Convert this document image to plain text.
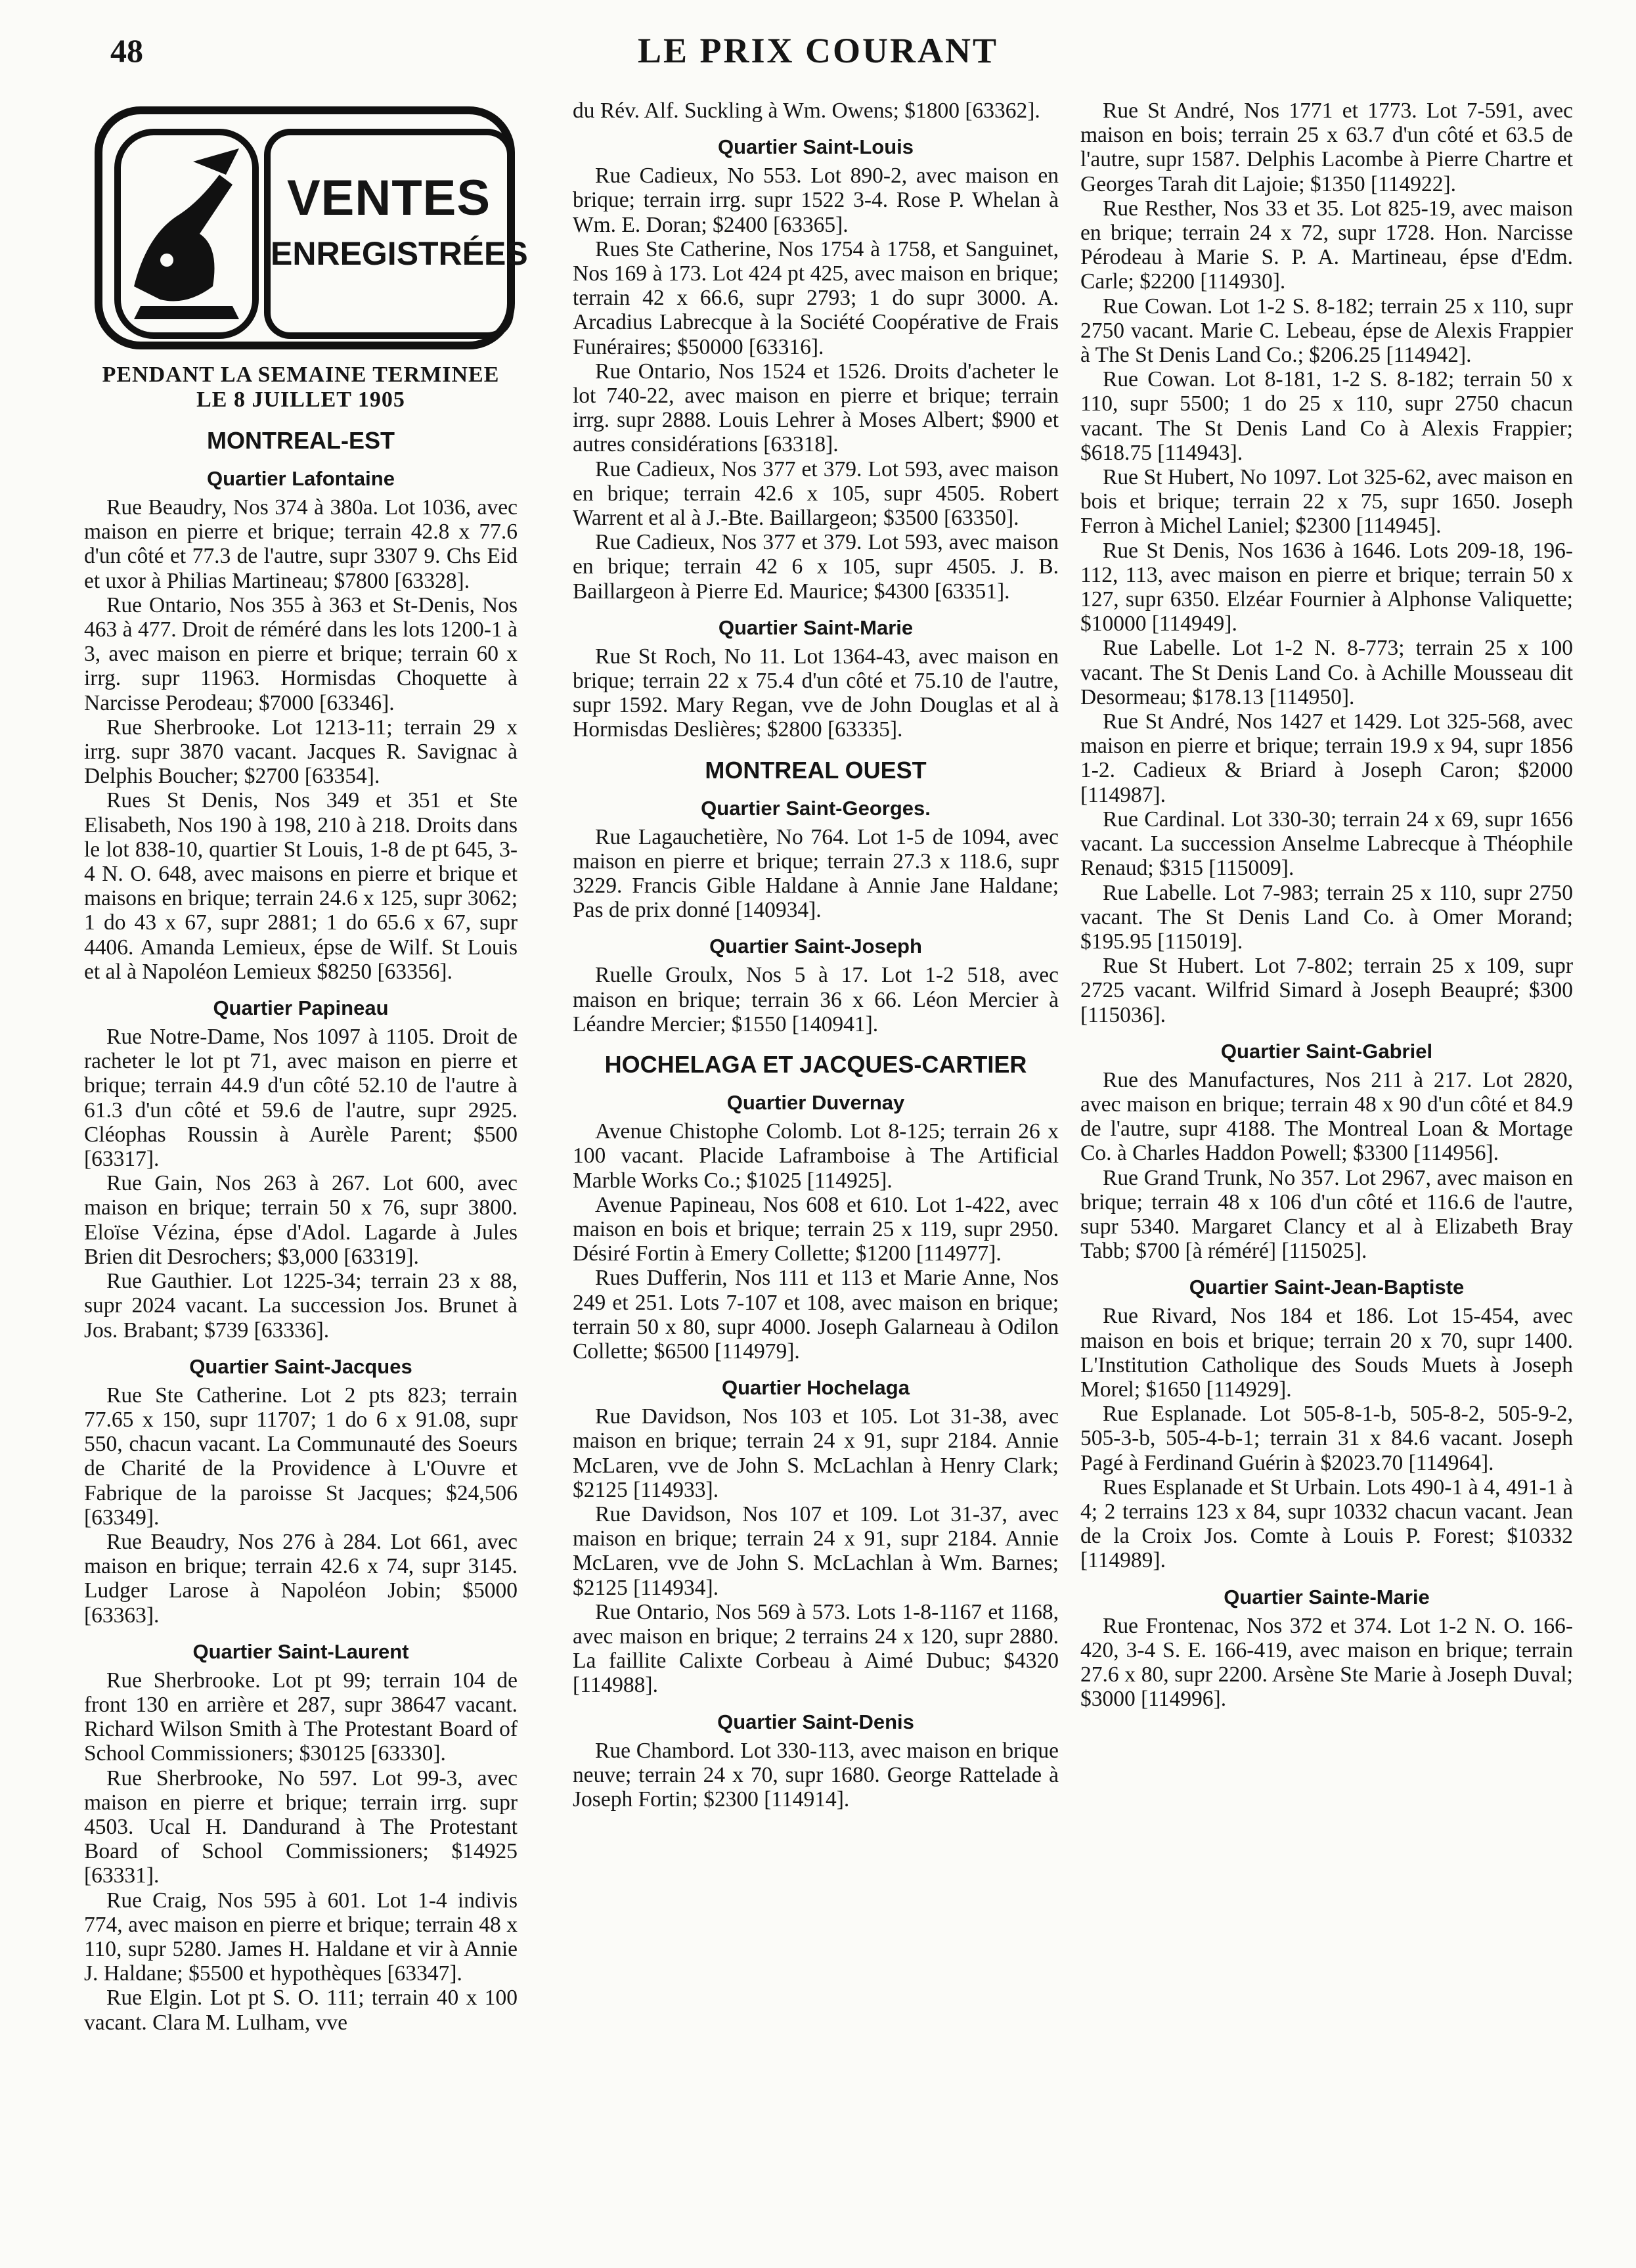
48	LE PRIX COURANT
VENTES
ENREGISTRÉES
PENDANT LA SEMAINE TERMINEE
LE 8 JUILLET 1905
MONTREAL-EST
Quartier Lafontaine
Rue Beaudry, Nos 374 à 380a. Lot 1036, avec maison en pierre et brique; terrain 42.8 x 77.6 d'un côté et 77.3 de l'autre, supr 3307 9. Chs Eid et uxor à Philias Martineau; $7800 [63328].
Rue Ontario, Nos 355 à 363 et St-Denis, Nos 463 à 477. Droit de réméré dans les lots 1200-1 à 3, avec maison en pierre et brique; terrain 60 x irrg. supr 11963. Hormisdas Choquette à Narcisse Perodeau; $7000 [63346].
Rue Sherbrooke. Lot 1213-11; terrain 29 x irrg. supr 3870 vacant. Jacques R. Savignac à Delphis Boucher; $2700 [63354].
Rues St Denis, Nos 349 et 351 et Ste Elisabeth, Nos 190 à 198, 210 à 218. Droits dans le lot 838-10, quartier St Louis, 1-8 de pt 645, 3-4 N. O. 648, avec maisons en pierre et brique et maisons en brique; terrain 24.6 x 125, supr 3062; 1 do 43 x 67, supr 2881; 1 do 65.6 x 67, supr 4406. Amanda Lemieux, épse de Wilf. St Louis et al à Napoléon Lemieux $8250 [63356].
Quartier Papineau
Rue Notre-Dame, Nos 1097 à 1105. Droit de racheter le lot pt 71, avec maison en pierre et brique; terrain 44.9 d'un côté 52.10 de l'autre à 61.3 d'un côté et 59.6 de l'autre, supr 2925. Cléophas Roussin à Aurèle Parent; $500 [63317].
Rue Gain, Nos 263 à 267. Lot 600, avec maison en brique; terrain 50 x 76, supr 3800. Eloïse Vézina, épse d'Adol. Lagarde à Jules Brien dit Desrochers; $3,000 [63319].
Rue Gauthier. Lot 1225-34; terrain 23 x 88, supr 2024 vacant. La succession Jos. Brunet à Jos. Brabant; $739 [63336].
Quartier Saint-Jacques
Rue Ste Catherine. Lot 2 pts 823; terrain 77.65 x 150, supr 11707; 1 do 6 x 91.08, supr 550, chacun vacant. La Communauté des Soeurs de Charité de la Providence à L'Ouvre et Fabrique de la paroisse St Jacques; $24,506 [63349].
Rue Beaudry, Nos 276 à 284. Lot 661, avec maison en brique; terrain 42.6 x 74, supr 3145. Ludger Larose à Napoléon Jobin; $5000 [63363].
Quartier Saint-Laurent
Rue Sherbrooke. Lot pt 99; terrain 104 de front 130 en arrière et 287, supr 38647 vacant. Richard Wilson Smith à The Protestant Board of School Commissioners; $30125 [63330].
Rue Sherbrooke, No 597. Lot 99-3, avec maison en pierre et brique; terrain irrg. supr 4503. Ucal H. Dandurand à The Protestant Board of School Commissioners; $14925 [63331].
Rue Craig, Nos 595 à 601. Lot 1-4 indivis 774, avec maison en pierre et brique; terrain 48 x 110, supr 5280. James H. Haldane et vir à Annie J. Haldane; $5500 et hypothèques [63347].
Rue Elgin. Lot pt S. O. 111; terrain 40 x 100 vacant. Clara M. Lulham, vve
du Rév. Alf. Suckling à Wm. Owens; $1800 [63362].
Quartier Saint-Louis
Rue Cadieux, No 553. Lot 890-2, avec maison en brique; terrain irrg. supr 1522 3-4. Rose P. Whelan à Wm. E. Doran; $2400 [63365].
Rues Ste Catherine, Nos 1754 à 1758, et Sanguinet, Nos 169 à 173. Lot 424 pt 425, avec maison en brique; terrain 42 x 66.6, supr 2793; 1 do supr 3000. A. Arcadius Labrecque à la Société Coopérative de Frais Funéraires; $50000 [63316].
Rue Ontario, Nos 1524 et 1526. Droits d'acheter le lot 740-22, avec maison en pierre et brique; terrain irrg. supr 2888. Louis Lehrer à Moses Albert; $900 et autres considérations [63318].
Rue Cadieux, Nos 377 et 379. Lot 593, avec maison en brique; terrain 42.6 x 105, supr 4505. Robert Warrent et al à J.-Bte. Baillargeon; $3500 [63350].
Rue Cadieux, Nos 377 et 379. Lot 593, avec maison en brique; terrain 42 6 x 105, supr 4505. J. B. Baillargeon à Pierre Ed. Maurice; $4300 [63351].
Quartier Saint-Marie
Rue St Roch, No 11. Lot 1364-43, avec maison en brique; terrain 22 x 75.4 d'un côté et 75.10 de l'autre, supr 1592. Mary Regan, vve de John Douglas et al à Hormisdas Deslières; $2800 [63335].
MONTREAL OUEST
Quartier Saint-Georges.
Rue Lagauchetière, No 764. Lot 1-5 de 1094, avec maison en pierre et brique; terrain 27.3 x 118.6, supr 3229. Francis Gible Haldane à Annie Jane Haldane; Pas de prix donné [140934].
Quartier Saint-Joseph
Ruelle Groulx, Nos 5 à 17. Lot 1-2 518, avec maison en brique; terrain 36 x 66. Léon Mercier à Léandre Mercier; $1550 [140941].
HOCHELAGA ET JACQUES-CARTIER
Quartier Duvernay
Avenue Chistophe Colomb. Lot 8-125; terrain 26 x 100 vacant. Placide Laframboise à The Artificial Marble Works Co.; $1025 [114925].
Avenue Papineau, Nos 608 et 610. Lot 1-422, avec maison en bois et brique; terrain 25 x 119, supr 2950. Désiré Fortin à Emery Collette; $1200 [114977].
Rues Dufferin, Nos 111 et 113 et Marie Anne, Nos 249 et 251. Lots 7-107 et 108, avec maison en brique; terrain 50 x 80, supr 4000. Joseph Galarneau à Odilon Collette; $6500 [114979].
Quartier Hochelaga
Rue Davidson, Nos 103 et 105. Lot 31-38, avec maison en brique; terrain 24 x 91, supr 2184. Annie McLaren, vve de John S. McLachlan à Henry Clark; $2125 [114933].
Rue Davidson, Nos 107 et 109. Lot 31-37, avec maison en brique; terrain 24 x 91, supr 2184. Annie McLaren, vve de John S. McLachlan à Wm. Barnes; $2125 [114934].
Rue Ontario, Nos 569 à 573. Lots 1-8-1167 et 1168, avec maison en brique; 2 terrains 24 x 120, supr 2880. La faillite Calixte Corbeau à Aimé Dubuc; $4320 [114988].
Quartier Saint-Denis
Rue Chambord. Lot 330-113, avec maison en brique neuve; terrain 24 x 70, supr 1680. George Rattelade à Joseph Fortin; $2300 [114914].
Rue St André, Nos 1771 et 1773. Lot 7-591, avec maison en bois; terrain 25 x 63.7 d'un côté et 63.5 de l'autre, supr 1587. Delphis Lacombe à Pierre Chartre et Georges Tarah dit Lajoie; $1350 [114922].
Rue Resther, Nos 33 et 35. Lot 825-19, avec maison en brique; terrain 24 x 72, supr 1728. Hon. Narcisse Pérodeau à Marie S. P. A. Martineau, épse d'Edm. Carle; $2200 [114930].
Rue Cowan. Lot 1-2 S. 8-182; terrain 25 x 110, supr 2750 vacant. Marie C. Lebeau, épse de Alexis Frappier à The St Denis Land Co.; $206.25 [114942].
Rue Cowan. Lot 8-181, 1-2 S. 8-182; terrain 50 x 110, supr 5500; 1 do 25 x 110, supr 2750 chacun vacant. The St Denis Land Co à Alexis Frappier; $618.75 [114943].
Rue St Hubert, No 1097. Lot 325-62, avec maison en bois et brique; terrain 22 x 75, supr 1650. Joseph Ferron à Michel Laniel; $2300 [114945].
Rue St Denis, Nos 1636 à 1646. Lots 209-18, 196-112, 113, avec maison en pierre et brique; terrain 50 x 127, supr 6350. Elzéar Fournier à Alphonse Valiquette; $10000 [114949].
Rue Labelle. Lot 1-2 N. 8-773; terrain 25 x 100 vacant. The St Denis Land Co. à Achille Mousseau dit Desormeau; $178.13 [114950].
Rue St André, Nos 1427 et 1429. Lot 325-568, avec maison en pierre et brique; terrain 19.9 x 94, supr 1856 1-2. Cadieux & Briard à Joseph Caron; $2000 [114987].
Rue Cardinal. Lot 330-30; terrain 24 x 69, supr 1656 vacant. La succession Anselme Labrecque à Théophile Renaud; $315 [115009].
Rue Labelle. Lot 7-983; terrain 25 x 110, supr 2750 vacant. The St Denis Land Co. à Omer Morand; $195.95 [115019].
Rue St Hubert. Lot 7-802; terrain 25 x 109, supr 2725 vacant. Wilfrid Simard à Joseph Beaupré; $300 [115036].
Quartier Saint-Gabriel
Rue des Manufactures, Nos 211 à 217. Lot 2820, avec maison en brique; terrain 48 x 90 d'un côté et 84.9 de l'autre, supr 4188. The Montreal Loan & Mortage Co. à Charles Haddon Powell; $3300 [114956].
Rue Grand Trunk, No 357. Lot 2967, avec maison en brique; terrain 48 x 106 d'un côté et 116.6 de l'autre, supr 5340. Margaret Clancy et al à Elizabeth Bray Tabb; $700 [à réméré] [115025].
Quartier Saint-Jean-Baptiste
Rue Rivard, Nos 184 et 186. Lot 15-454, avec maison en bois et brique; terrain 20 x 70, supr 1400. L'Institution Catholique des Souds Muets à Joseph Morel; $1650 [114929].
Rue Esplanade. Lot 505-8-1-b, 505-8-2, 505-9-2, 505-3-b, 505-4-b-1; terrain 31 x 84.6 vacant. Joseph Pagé à Ferdinand Guérin à $2023.70 [114964].
Rues Esplanade et St Urbain. Lots 490-1 à 4, 491-1 à 4; 2 terrains 123 x 84, supr 10332 chacun vacant. Jean de la Croix Jos. Comte à Louis P. Forest; $10332 [114989].
Quartier Sainte-Marie
Rue Frontenac, Nos 372 et 374. Lot 1-2 N. O. 166-420, 3-4 S. E. 166-419, avec maison en brique; terrain 27.6 x 80, supr 2200. Arsène Ste Marie à Joseph Duval; $3000 [114996].
